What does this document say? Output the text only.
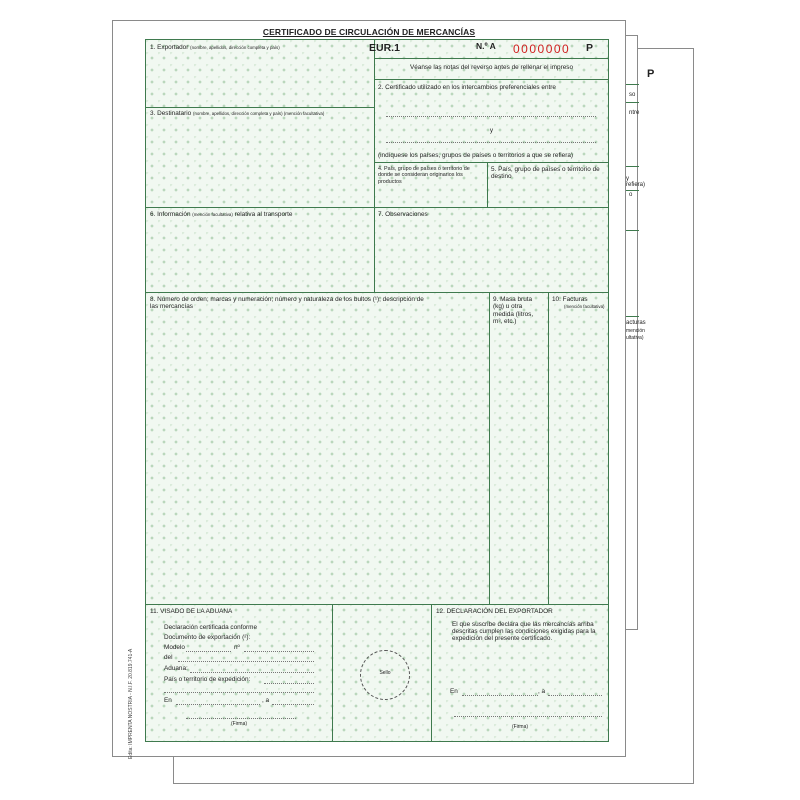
P
so
ntre
y refiera)
o
acturas
mención
ultativa)
CERTIFICADO DE CIRCULACIÓN DE MERCANCÍAS
1. Exportador (nombre, apellidos, dirección completa y país)
Véanse las notas del reverso antes de rellenar el impreso
2. Certificado utilizado en los intercambios preferenciales entre
y
(indíquese los países, grupos de países o territorios a que se refiera)
3. Destinatario (nombre, apellidos, dirección completa y país) (mención facultativa)
4. País, grupo de países o territorio de donde se consideran originarios los productos
5. País, grupo de países o territorio de destino
6. Información (mención facultativa) relativa al transporte	7. Observaciones
8. Número de orden; marcas y numeración; número y naturaleza de los bultos (¹); descripción de las mercancías
9. Masa bruta (kg) u otra medida (litros, m³, etc.)
10. Facturas
(mención facultativa)
11. VISADO DE LA ADUANA
Declaración certificada conforme
Documento de exportación (²):
Modelo	nº
del
Aduana:
País o territorio de expedición:
En	, a
(Firma)
12. DECLARACIÓN DEL EXPORTADOR
El que suscribe declara que las mercancías arriba descritas cumplen las condiciones exigidas para la expedición del presente certificado.
En	, a
(Firma)
EUR.1	N.º A 0000000 P
Sello
Edita: IMPRENTA NOSTRIA - N.I.F. 20.819.741-A
